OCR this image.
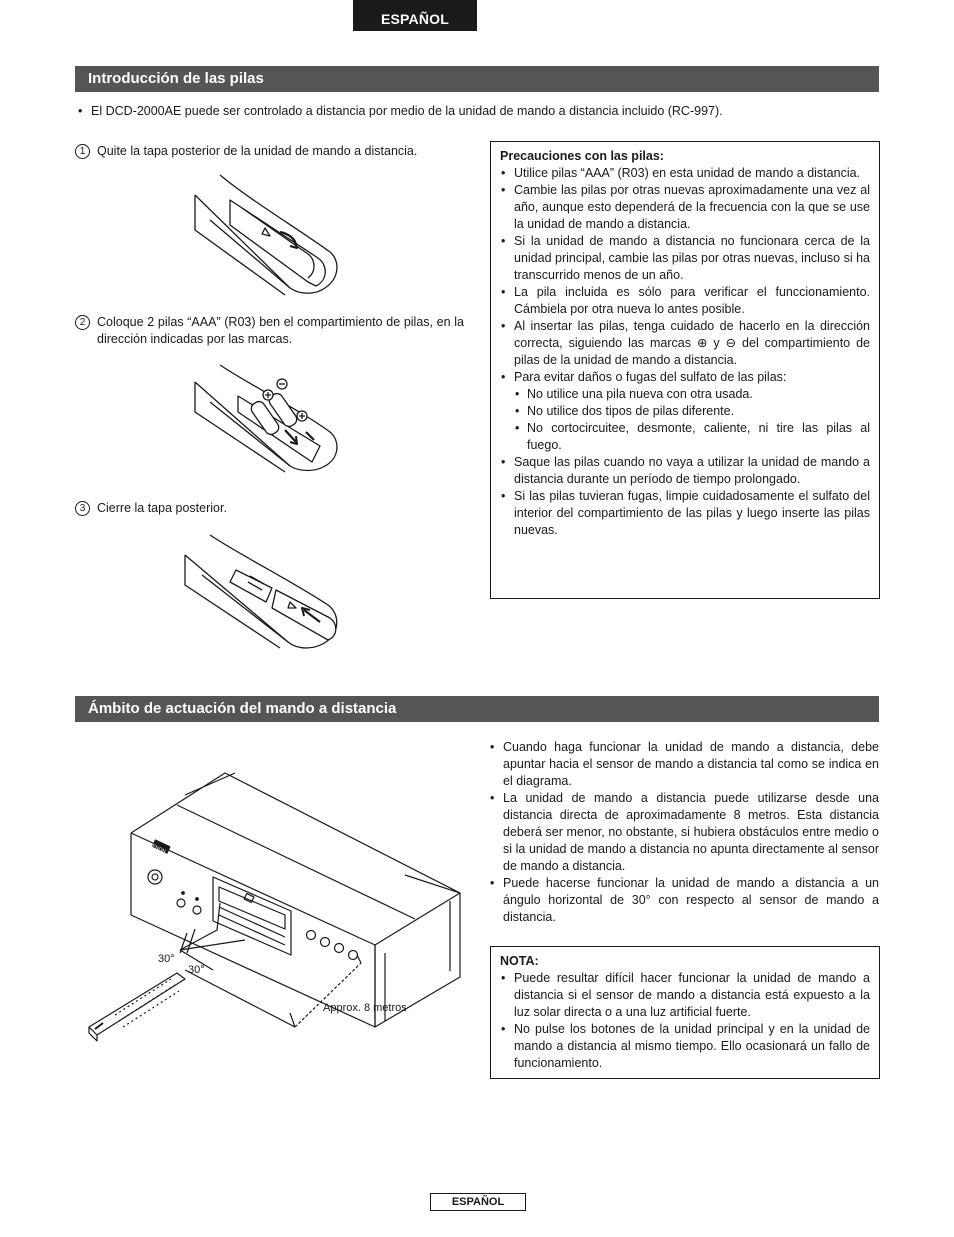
ESPAÑOL
Introducción de las pilas
• El DCD-2000AE puede ser controlado a distancia por medio de la unidad de mando a distancia incluido (RC-997).
1 Quite la tapa posterior de la unidad de mando a distancia.
2 Coloque 2 pilas “AAA” (R03) ben el compartimiento de pilas, en la dirección indicadas por las marcas.
3 Cierre la tapa posterior.
Precauciones con las pilas:
• Utilice pilas “AAA” (R03) en esta unidad de mando a distancia.
• Cambie las pilas por otras nuevas aproximadamente una vez al año, aunque esto dependerá de la frecuencia con la que se use la unidad de mando a distancia.
• Si la unidad de mando a distancia no funcionara cerca de la unidad principal, cambie las pilas por otras nuevas, incluso si ha transcurrido menos de un año.
• La pila incluida es sólo para verificar el funccionamiento. Cámbiela por otra nueva lo antes posible.
• Al insertar las pilas, tenga cuidado de hacerlo en la dirección correcta, siguiendo las marcas ⊕ y ⊖ del compartimiento de pilas de la unidad de mando a distancia.
• Para evitar daños o fugas del sulfato de las pilas:
• No utilice una pila nueva con otra usada.
• No utilice dos tipos de pilas diferente.
• No cortocircuitee, desmonte, caliente, ni tire las pilas al fuego.
• Saque las pilas cuando no vaya a utilizar la unidad de mando a distancia durante un período de tiempo prolongado.
• Si las pilas tuvieran fugas, limpie cuidadosamente el sulfato del interior del compartimiento de las pilas y luego inserte las pilas nuevas.
Ámbito de actuación del mando a distancia
DENON
30°
30°
Approx. 8 metros
• Cuando haga funcionar la unidad de mando a distancia, debe apuntar hacia el sensor de mando a distancia tal como se indica en el diagrama.
• La unidad de mando a distancia puede utilizarse desde una distancia directa de aproximadamente 8 metros. Esta distancia deberá ser menor, no obstante, si hubiera obstáculos entre medio o si la unidad de mando a distancia no apunta directamente al sensor de mando a distancia.
• Puede hacerse funcionar la unidad de mando a distancia a un ángulo horizontal de 30° con respecto al sensor de mando a distancia.
NOTA:
• Puede resultar difícil hacer funcionar la unidad de mando a distancia si el sensor de mando a distancia está expuesto a la luz solar directa o a una luz artificial fuerte.
• No pulse los botones de la unidad principal y en la unidad de mando a distancia al mismo tiempo. Ello ocasionará un fallo de funcionamiento.
ESPAÑOL
